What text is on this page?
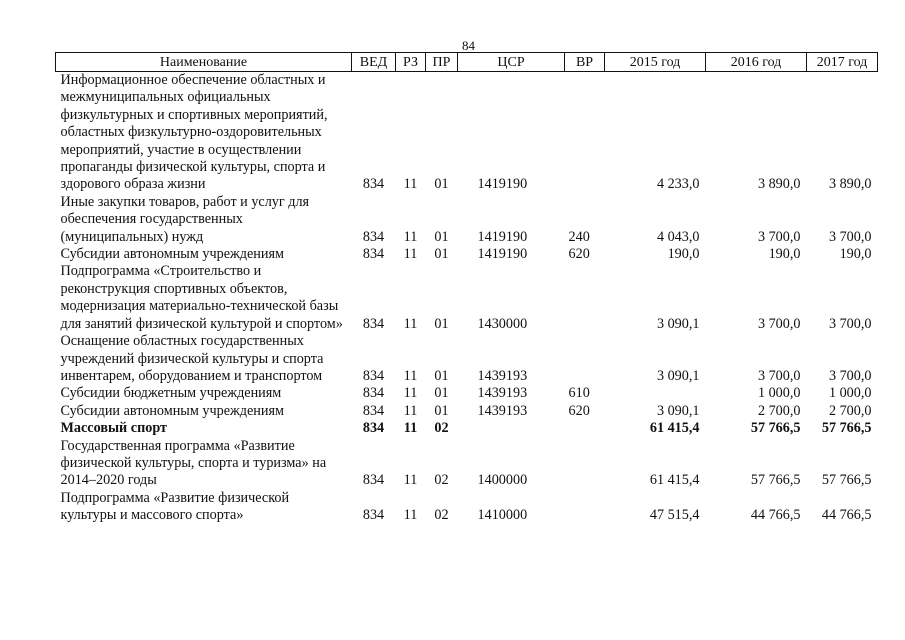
84
Наименование	ВЕД	РЗ	ПР	ЦСР	ВР	2015 год	2016 год	2017 год
Информационное обеспечение областных и межмуниципальных официальных физкультурных и спортивных мероприятий, областных физкультурно-оздоровительных мероприятий, участие в осуществлении пропаганды физической культуры, спорта и здорового образа жизни	834	11	01	1419190		4 233,0	3 890,0	3 890,0
Иные закупки товаров, работ и услуг для обеспечения государственных (муниципальных) нужд	834	11	01	1419190	240	4 043,0	3 700,0	3 700,0
Субсидии автономным учреждениям	834	11	01	1419190	620	190,0	190,0	190,0
Подпрограмма «Строительство и реконструкция спортивных объектов, модернизация материально-технической базы для занятий физической культурой и спортом»	834	11	01	1430000		3 090,1	3 700,0	3 700,0
Оснащение областных государственных учреждений физической культуры и спорта инвентарем, оборудованием и транспортом	834	11	01	1439193		3 090,1	3 700,0	3 700,0
Субсидии бюджетным учреждениям	834	11	01	1439193	610		1 000,0	1 000,0
Субсидии автономным учреждениям	834	11	01	1439193	620	3 090,1	2 700,0	2 700,0
Массовый спорт	834	11	02			61 415,4	57 766,5	57 766,5
Государственная программа «Развитие физической культуры, спорта и туризма» на 2014–2020 годы	834	11	02	1400000		61 415,4	57 766,5	57 766,5
Подпрограмма «Развитие физической культуры и массового спорта»	834	11	02	1410000		47 515,4	44 766,5	44 766,5
